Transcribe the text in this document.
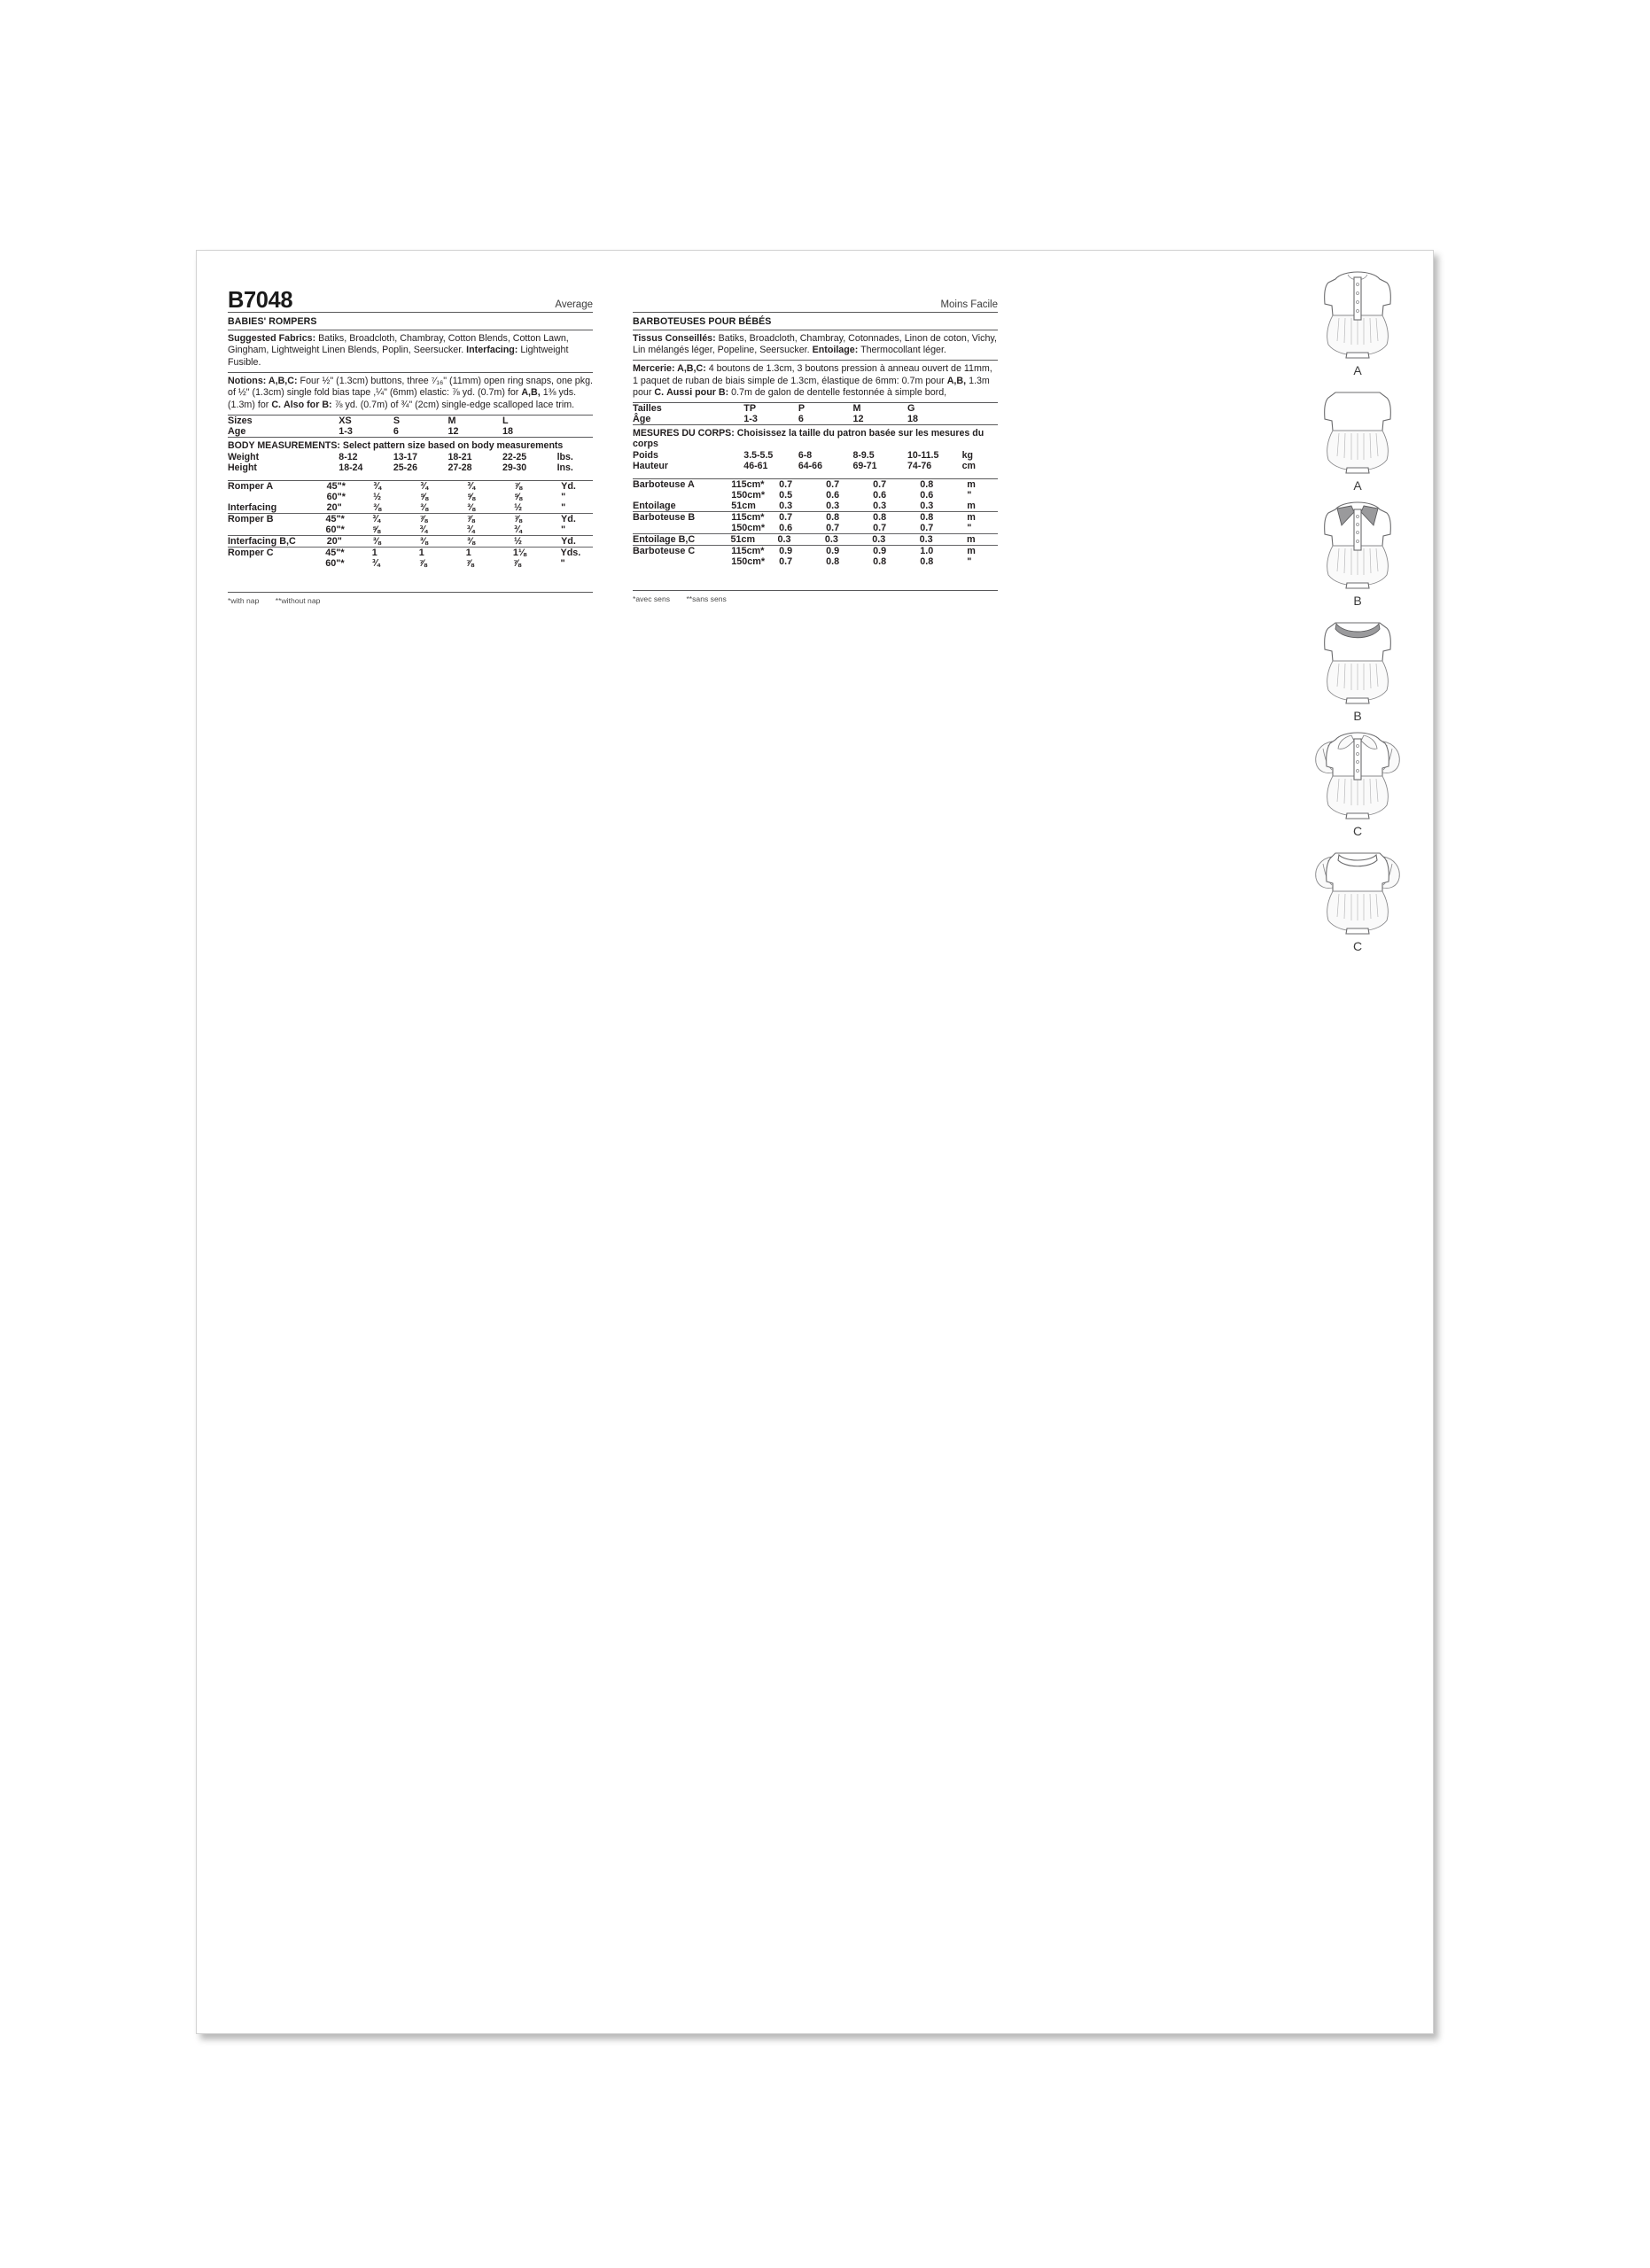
B7048	Average
BABIES' ROMPERS
Suggested Fabrics: Batiks, Broadcloth, Chambray, Cotton Blends, Cotton Lawn, Gingham, Lightweight Linen Blends, Poplin, Seersucker. Interfacing: Lightweight Fusible.
Notions: A,B,C: Four ½" (1.3cm) buttons, three ⁷⁄₁₆" (11mm) open ring snaps, one pkg. of ½" (1.3cm) single fold bias tape ,¼" (6mm) elastic: ⅞ yd. (0.7m) for A,B, 1⅜ yds. (1.3m) for C. Also for B: ⅞ yd. (0.7m) of ¾" (2cm) single-edge scalloped lace trim.
Sizes	XS	S	M	L	
Age	1-3	6	12	18	
BODY MEASUREMENTS: Select pattern size based on body measurements
Weight	8-12	13-17	18-21	22-25	lbs.
Height	18-24	25-26	27-28	29-30	Ins.
Romper A	45"*	¾	¾	¾	⅞	Yd.
	60"*	½	⅝	⅝	⅝	"
Interfacing	20"	⅜	⅜	⅜	½	"
Romper B	45"*	¾	⅞	⅞	⅞	Yd.
	60"*	⅝	¾	¾	¾	"
Interfacing B,C	20"	⅜	⅜	⅜	½	Yd.
Romper C	45"*	1	1	1	1⅛	Yds.
	60"*	¾	⅞	⅞	⅞	"
*with nap **without nap

Moins Facile
BARBOTEUSES POUR BÉBÉS
Tissus Conseillés: Batiks, Broadcloth, Chambray, Cotonnades, Linon de coton, Vichy, Lin mélangés léger, Popeline, Seersucker. Entoilage: Thermocollant léger.
Mercerie: A,B,C: 4 boutons de 1.3cm, 3 boutons pression à anneau ouvert de 11mm, 1 paquet de ruban de biais simple de 1.3cm, élastique de 6mm: 0.7m pour A,B, 1.3m pour C. Aussi pour B: 0.7m de galon de dentelle festonnée à simple bord,
Tailles	TP	P	M	G	
Âge	1-3	6	12	18	
MESURES DU CORPS: Choisissez la taille du patron basée sur les mesures du corps
Poids	3.5-5.5	6-8	8-9.5	10-11.5	kg
Hauteur	46-61	64-66	69-71	74-76	cm
Barboteuse A	115cm*	0.7	0.7	0.7	0.8	m
	150cm*	0.5	0.6	0.6	0.6	"
Entoilage	51cm	0.3	0.3	0.3	0.3	m
Barboteuse B	115cm*	0.7	0.8	0.8	0.8	m
	150cm*	0.6	0.7	0.7	0.7	"
Entoilage B,C	51cm	0.3	0.3	0.3	0.3	m
Barboteuse C	115cm*	0.9	0.9	0.9	1.0	m
	150cm*	0.7	0.8	0.8	0.8	"
*avec sens **sans sens
A
A
B
B
C
C
